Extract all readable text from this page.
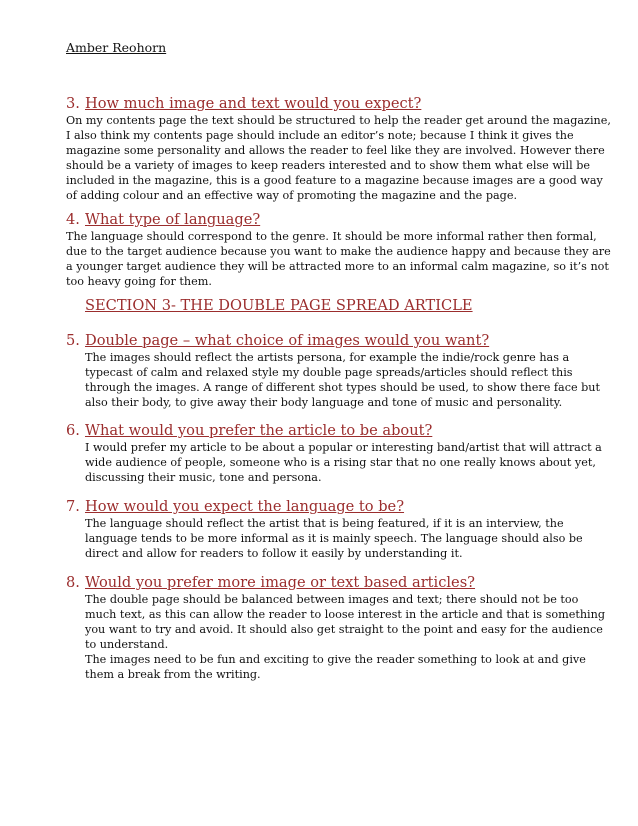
Amber Reohorn
3. How much image and text would you expect?

On my contents page the text should be structured to help the reader get around the magazine, I also think my contents page should include an editor’s note; because I think it gives the magazine some personality and allows the reader to feel like they are involved. However there should be a variety of images to keep readers interested and to show them what else will be included in the magazine, this is a good feature to a magazine because images are a good way of adding colour and an effective way of promoting the magazine and the page.

4. What type of language?

The language should correspond to the genre. It should be more informal rather then formal, due to the target audience because you want to make the audience happy and because they are a younger target audience they will be attracted more to an informal calm magazine, so it’s not too heavy going for them.

SECTION 3- THE DOUBLE PAGE SPREAD ARTICLE
5. Double page – what choice of images would you want?

The images should reflect the artists persona, for example the indie/rock genre has a typecast of calm and relaxed style my double page spreads/articles should reflect this through the images. A range of different shot types should be used, to show there face but also their body, to give away their body language and tone of music and personality.

6. What would you prefer the article to be about?

I would prefer my article to be about a popular or interesting band/artist that will attract a wide audience of people, someone who is a rising star that no one really knows about yet, discussing their music, tone and persona.

7. How would you expect the language to be?

The language should reflect the artist that is being featured, if it is an interview, the language tends to be more informal as it is mainly speech. The language should also be direct and allow for readers to follow it easily by understanding it.

8. Would you prefer more image or text based articles?

The double page should be balanced between images and text; there should not be too much text, as this can allow the reader to loose interest in the article and that is something you want to try and avoid. It should also get straight to the point and easy for the audience to understand.

The images need to be fun and exciting to give the reader something to look at and give them a break from the writing.
